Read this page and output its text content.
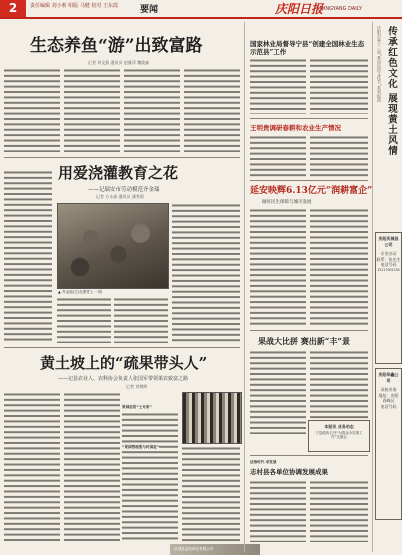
2	责任编辑 刘小莉 组版 马健 校对 王东霞 要闻	庆阳日报
QINGYANG DAILY
生态养鱼“游”出致富路
记者 刘文燕 通讯员 赵雅萍 魏俊森
用爱浇灌教育之花
——记瑞安市劳动模范齐金瑞
记者 方永泰 通讯员 潘秀莉
▲ 齐金瑞(左)在课堂上 一图
黄土坡上的“疏果带头人”
——记县农业人、农科协会负责人张国军带领果农致富之路
记者 刘增辉
果园里的“土专家”
“果园管理要与时俱进”
庆城县益民科技有限公司
国家林业局督导宁县“创建全国林业生态示范县”工作
王明贵调研春耕和农业生产情况
延安映辉6.13亿元“润耕富企”
做好民生保障与城市发展
果战大比拼 赛出新“丰”景
本报讯 业务动态
宁县政协召开“为群众办实事工作”交流会
法治时代 求发展
志村县各单位协调发展成果
传承红色文化 展现黄土风情
庆阳市第十三届“香包民俗文化节”系列报道
庆阳庆城县公司
专业办证
联系：张先生
电话号码
15117901234
庆阳华鑫公司
承接业务
地址：庆阳
西峰区
电话号码
